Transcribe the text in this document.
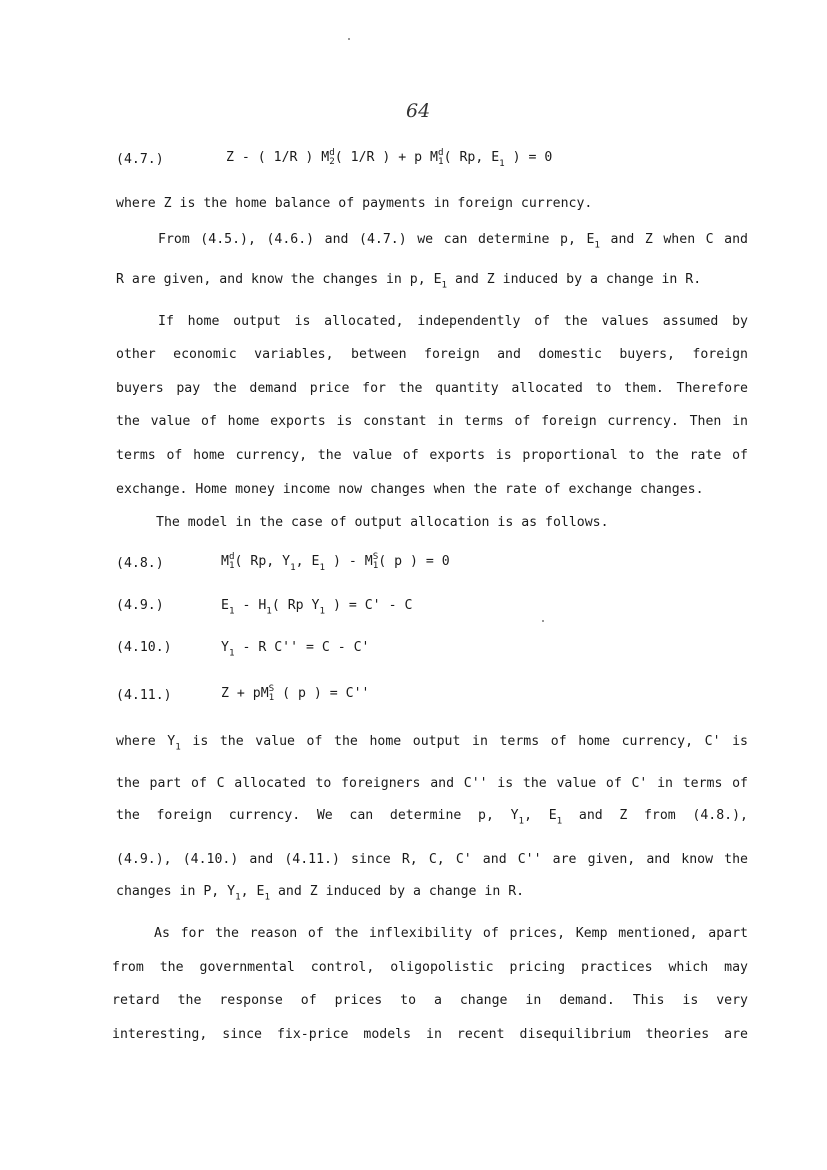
64
(4.7.)	Z - ( 1/R ) M d
2 ( 1/R ) + p M d
1 ( Rp, $E_1$ ) = 0
where Z is the home balance of payments in foreign currency.
From (4.5.), (4.6.) and (4.7.) we can determine p, $E_1$ and Z when C and
R are given, and know the changes in p, $E_1$ and Z induced by a change in R.
If home output is allocated, independently of the values assumed by
other economic variables, between foreign and domestic buyers, foreign
buyers pay the demand price for the quantity allocated to them. Therefore
the value of home exports is constant in terms of foreign currency. Then in
terms of home currency, the value of exports is proportional to the rate of
exchange. Home money income now changes when the rate of exchange changes.
The model in the case of output allocation is as follows.
(4.8.)	M d
1 ( Rp, $Y_1$, $E_1$ ) - M S
1 ( p ) = 0
(4.9.)	$E_1 - H_1$( Rp $Y_1$ ) = C' - C
(4.10.)	$Y_1$ - R C'' = C - C'
(4.11.)	Z + pM S
1 ( p ) = C''
where $Y_1$ is the value of the home output in terms of home currency, C' is
the part of C allocated to foreigners and C'' is the value of C' in terms of
the foreign currency. We can determine p, $Y_1$, $E_1$ and Z from (4.8.),
(4.9.), (4.10.) and (4.11.) since R, C, C' and C'' are given, and know the
changes in P, $Y_1$, $E_1$ and Z induced by a change in R.
As for the reason of the inflexibility of prices, Kemp mentioned, apart
from the governmental control, oligopolistic pricing practices which may
retard the response of prices to a change in demand. This is very
interesting, since fix-price models in recent disequilibrium theories are
